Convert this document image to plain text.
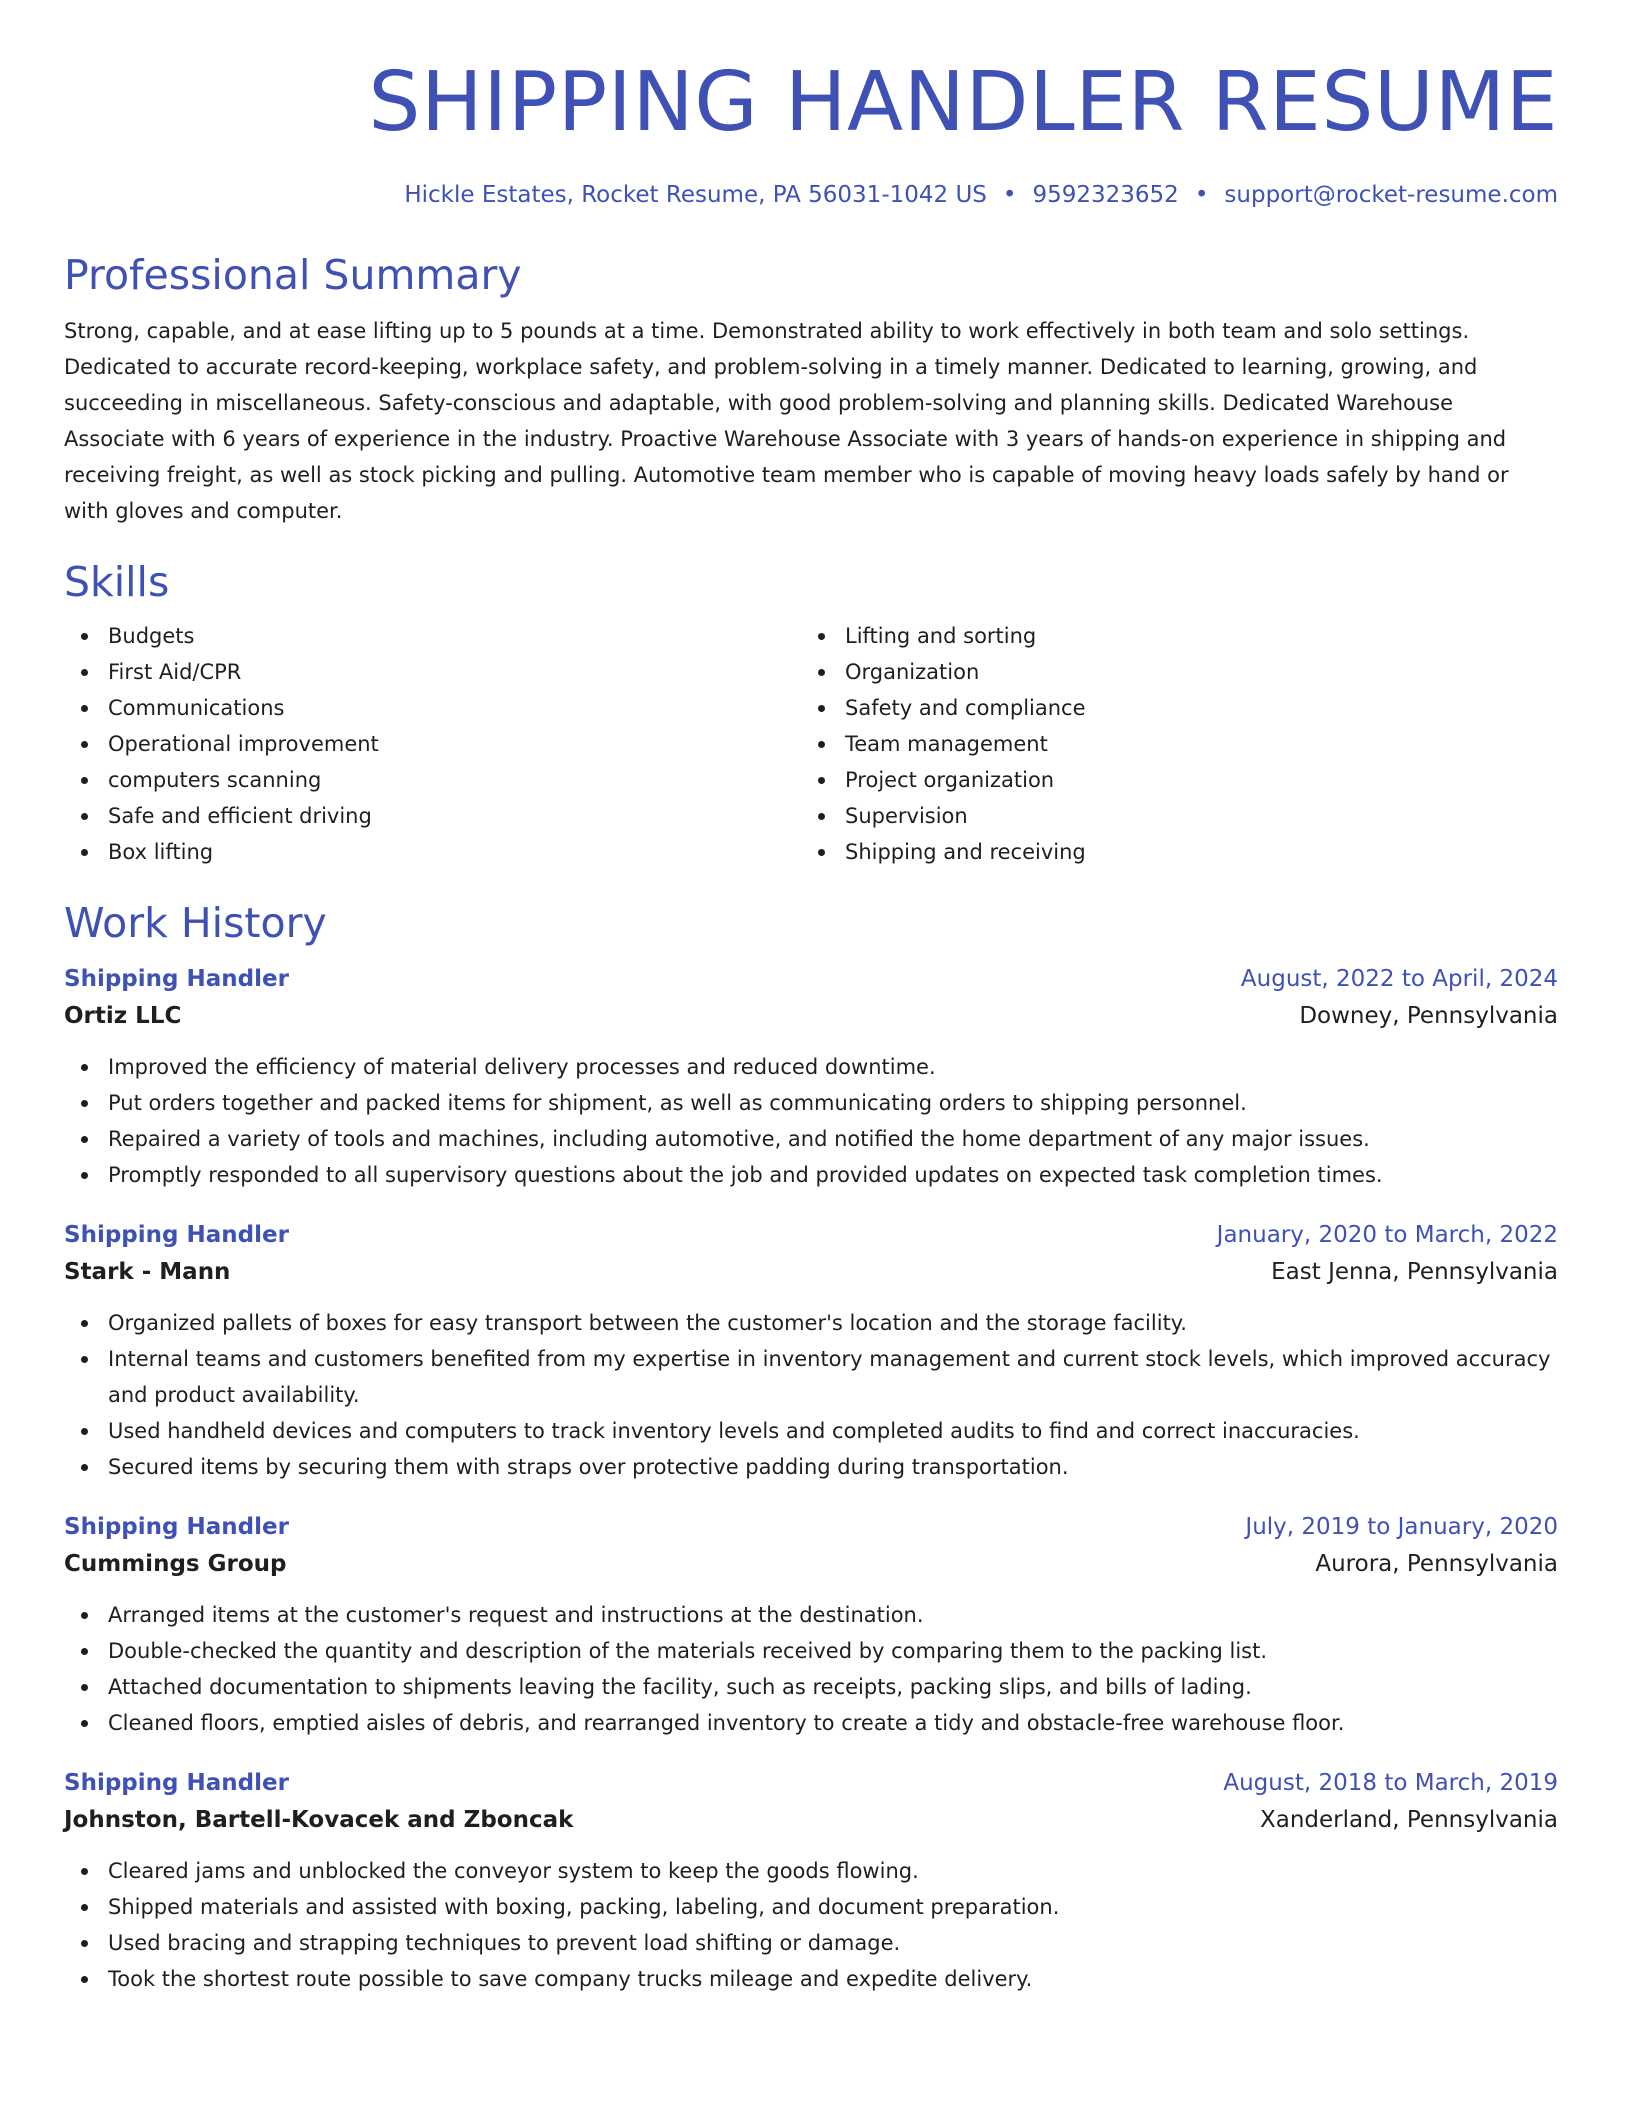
SHIPPING HANDLER RESUME
Hickle Estates, Rocket Resume, PA 56031-1042 US • 9592323652 • support@rocket-resume.com
Professional Summary

Strong, capable, and at ease lifting up to 5 pounds at a time. Demonstrated ability to work effectively in both team and solo settings. Dedicated to accurate record-keeping, workplace safety, and problem-solving in a timely manner. Dedicated to learning, growing, and succeeding in miscellaneous. Safety-conscious and adaptable, with good problem-solving and planning skills. Dedicated Warehouse Associate with 6 years of experience in the industry. Proactive Warehouse Associate with 3 years of hands-on experience in shipping and receiving freight, as well as stock picking and pulling. Automotive team member who is capable of moving heavy loads safely by hand or with gloves and computer.

Skills
Budgets
First Aid/CPR
Communications
Operational improvement
computers scanning
Safe and efficient driving
Box lifting
Lifting and sorting
Organization
Safety and compliance
Team management
Project organization
Supervision
Shipping and receiving
Work History
Shipping Handler	August, 2022 to April, 2024
Ortiz LLC	Downey, Pennsylvania
Improved the efficiency of material delivery processes and reduced downtime.
Put orders together and packed items for shipment, as well as communicating orders to shipping personnel.
Repaired a variety of tools and machines, including automotive, and notified the home department of any major issues.
Promptly responded to all supervisory questions about the job and provided updates on expected task completion times.
Shipping Handler	January, 2020 to March, 2022
Stark - Mann	East Jenna, Pennsylvania
Organized pallets of boxes for easy transport between the customer's location and the storage facility.
Internal teams and customers benefited from my expertise in inventory management and current stock levels, which improved accuracy and product availability.
Used handheld devices and computers to track inventory levels and completed audits to find and correct inaccuracies.
Secured items by securing them with straps over protective padding during transportation.
Shipping Handler	July, 2019 to January, 2020
Cummings Group	Aurora, Pennsylvania
Arranged items at the customer's request and instructions at the destination.
Double-checked the quantity and description of the materials received by comparing them to the packing list.
Attached documentation to shipments leaving the facility, such as receipts, packing slips, and bills of lading.
Cleaned floors, emptied aisles of debris, and rearranged inventory to create a tidy and obstacle-free warehouse floor.
Shipping Handler	August, 2018 to March, 2019
Johnston, Bartell-Kovacek and Zboncak	Xanderland, Pennsylvania
Cleared jams and unblocked the conveyor system to keep the goods flowing.
Shipped materials and assisted with boxing, packing, labeling, and document preparation.
Used bracing and strapping techniques to prevent load shifting or damage.
Took the shortest route possible to save company trucks mileage and expedite delivery.
